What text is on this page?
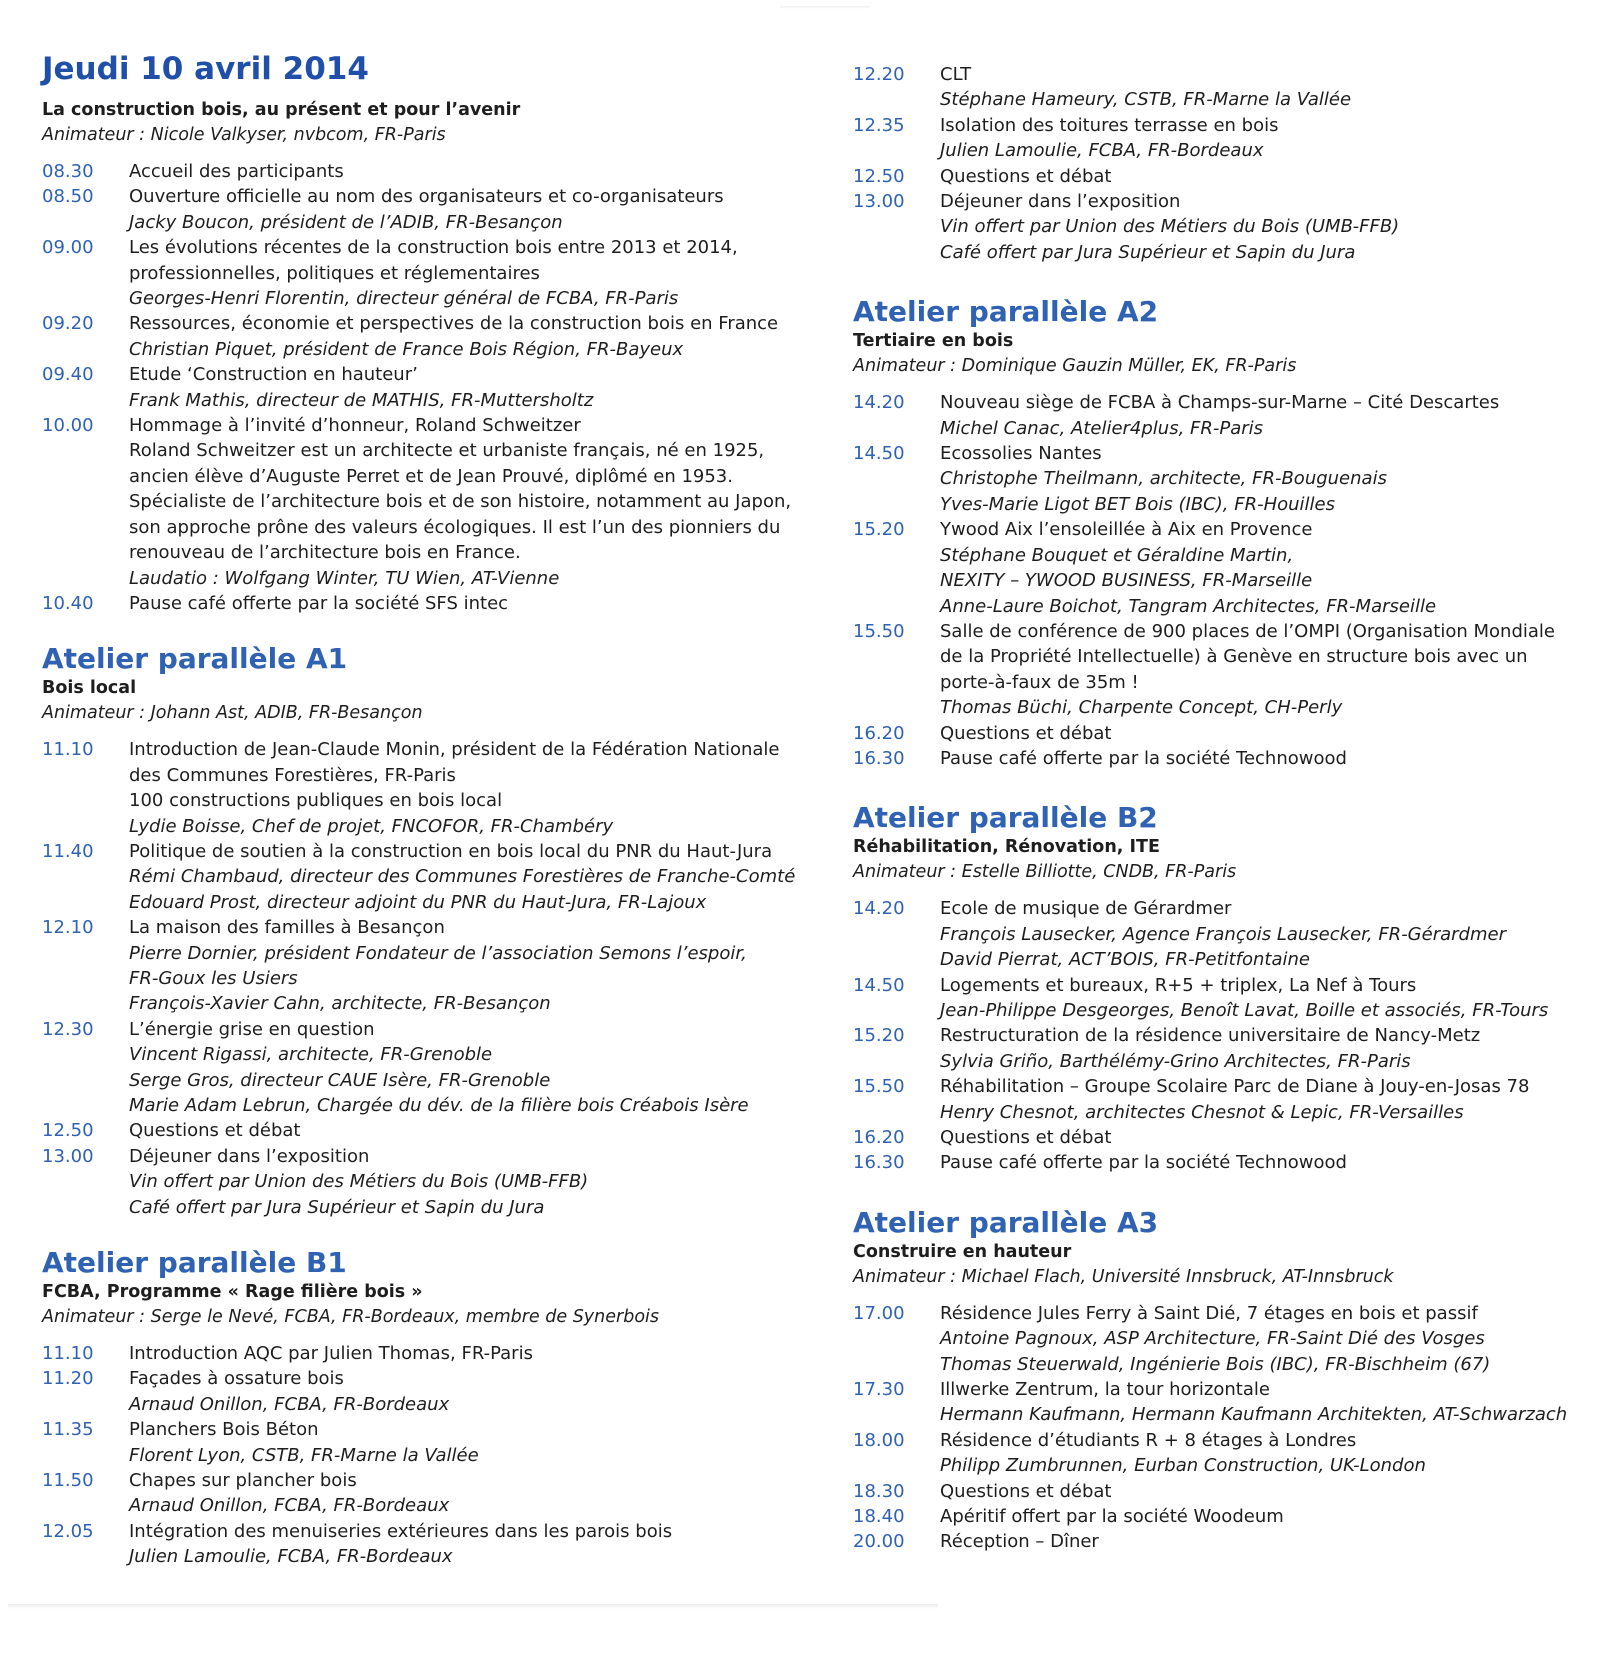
Jeudi 10 avril 2014
La construction bois, au présent et pour l’avenir
Animateur : Nicole Valkyser, nvbcom, FR-Paris
08.30	Accueil des participants
08.50	Ouverture officielle au nom des organisateurs et co-organisateurs
Jacky Boucon, président de l’ADIB, FR-Besançon
09.00	Les évolutions récentes de la construction bois entre 2013 et 2014,
professionnelles, politiques et réglementaires
Georges-Henri Florentin, directeur général de FCBA, FR-Paris
09.20	Ressources, économie et perspectives de la construction bois en France
Christian Piquet, président de France Bois Région, FR-Bayeux
09.40	Etude ‘Construction en hauteur’
Frank Mathis, directeur de MATHIS, FR-Muttersholtz
10.00	Hommage à l’invité d’honneur, Roland Schweitzer
Roland Schweitzer est un architecte et urbaniste français, né en 1925,
ancien élève d’Auguste Perret et de Jean Prouvé, diplômé en 1953.
Spécialiste de l’architecture bois et de son histoire, notamment au Japon,
son approche prône des valeurs écologiques. Il est l’un des pionniers du
renouveau de l’architecture bois en France.
Laudatio : Wolfgang Winter, TU Wien, AT-Vienne
10.40	Pause café offerte par la société SFS intec
Atelier parallèle A1
Bois local
Animateur : Johann Ast, ADIB, FR-Besançon
11.10	Introduction de Jean-Claude Monin, président de la Fédération Nationale
des Communes Forestières, FR-Paris
100 constructions publiques en bois local
Lydie Boisse, Chef de projet, FNCOFOR, FR-Chambéry
11.40	Politique de soutien à la construction en bois local du PNR du Haut-Jura
Rémi Chambaud, directeur des Communes Forestières de Franche-Comté
Edouard Prost, directeur adjoint du PNR du Haut-Jura, FR-Lajoux
12.10	La maison des familles à Besançon
Pierre Dornier, président Fondateur de l’association Semons l’espoir,
FR-Goux les Usiers
François-Xavier Cahn, architecte, FR-Besançon
12.30	L’énergie grise en question
Vincent Rigassi, architecte, FR-Grenoble
Serge Gros, directeur CAUE Isère, FR-Grenoble
Marie Adam Lebrun, Chargée du dév. de la filière bois Créabois Isère
12.50	Questions et débat
13.00	Déjeuner dans l’exposition
Vin offert par Union des Métiers du Bois (UMB-FFB)
Café offert par Jura Supérieur et Sapin du Jura
Atelier parallèle B1
FCBA, Programme « Rage filière bois »
Animateur : Serge le Nevé, FCBA, FR-Bordeaux, membre de Synerbois
11.10	Introduction AQC par Julien Thomas, FR-Paris
11.20	Façades à ossature bois
Arnaud Onillon, FCBA, FR-Bordeaux
11.35	Planchers Bois Béton
Florent Lyon, CSTB, FR-Marne la Vallée
11.50	Chapes sur plancher bois
Arnaud Onillon, FCBA, FR-Bordeaux
12.05	Intégration des menuiseries extérieures dans les parois bois
Julien Lamoulie, FCBA, FR-Bordeaux
12.20	CLT
Stéphane Hameury, CSTB, FR-Marne la Vallée
12.35	Isolation des toitures terrasse en bois
Julien Lamoulie, FCBA, FR-Bordeaux
12.50	Questions et débat
13.00	Déjeuner dans l’exposition
Vin offert par Union des Métiers du Bois (UMB-FFB)
Café offert par Jura Supérieur et Sapin du Jura
Atelier parallèle A2
Tertiaire en bois
Animateur : Dominique Gauzin Müller, EK, FR-Paris
14.20	Nouveau siège de FCBA à Champs-sur-Marne – Cité Descartes
Michel Canac, Atelier4plus, FR-Paris
14.50	Ecossolies Nantes
Christophe Theilmann, architecte, FR-Bouguenais
Yves-Marie Ligot BET Bois (IBC), FR-Houilles
15.20	Ywood Aix l’ensoleillée à Aix en Provence
Stéphane Bouquet et Géraldine Martin,
NEXITY – YWOOD BUSINESS, FR-Marseille
Anne-Laure Boichot, Tangram Architectes, FR-Marseille
15.50	Salle de conférence de 900 places de l’OMPI (Organisation Mondiale
de la Propriété Intellectuelle) à Genève en structure bois avec un
porte-à-faux de 35m !
Thomas Büchi, Charpente Concept, CH-Perly
16.20	Questions et débat
16.30	Pause café offerte par la société Technowood
Atelier parallèle B2
Réhabilitation, Rénovation, ITE
Animateur : Estelle Billiotte, CNDB, FR-Paris
14.20	Ecole de musique de Gérardmer
François Lausecker, Agence François Lausecker, FR-Gérardmer
David Pierrat, ACT’BOIS, FR-Petitfontaine
14.50	Logements et bureaux, R+5 + triplex, La Nef à Tours
Jean-Philippe Desgeorges, Benoît Lavat, Boille et associés, FR-Tours
15.20	Restructuration de la résidence universitaire de Nancy-Metz
Sylvia Griño, Barthélémy-Grino Architectes, FR-Paris
15.50	Réhabilitation – Groupe Scolaire Parc de Diane à Jouy-en-Josas 78
Henry Chesnot, architectes Chesnot & Lepic, FR-Versailles
16.20	Questions et débat
16.30	Pause café offerte par la société Technowood
Atelier parallèle A3
Construire en hauteur
Animateur : Michael Flach, Université Innsbruck, AT-Innsbruck
17.00	Résidence Jules Ferry à Saint Dié, 7 étages en bois et passif
Antoine Pagnoux, ASP Architecture, FR-Saint Dié des Vosges
Thomas Steuerwald, Ingénierie Bois (IBC), FR-Bischheim (67)
17.30	Illwerke Zentrum, la tour horizontale
Hermann Kaufmann, Hermann Kaufmann Architekten, AT-Schwarzach
18.00	Résidence d’étudiants R + 8 étages à Londres
Philipp Zumbrunnen, Eurban Construction, UK-London
18.30	Questions et débat
18.40	Apéritif offert par la société Woodeum
20.00	Réception – Dîner
